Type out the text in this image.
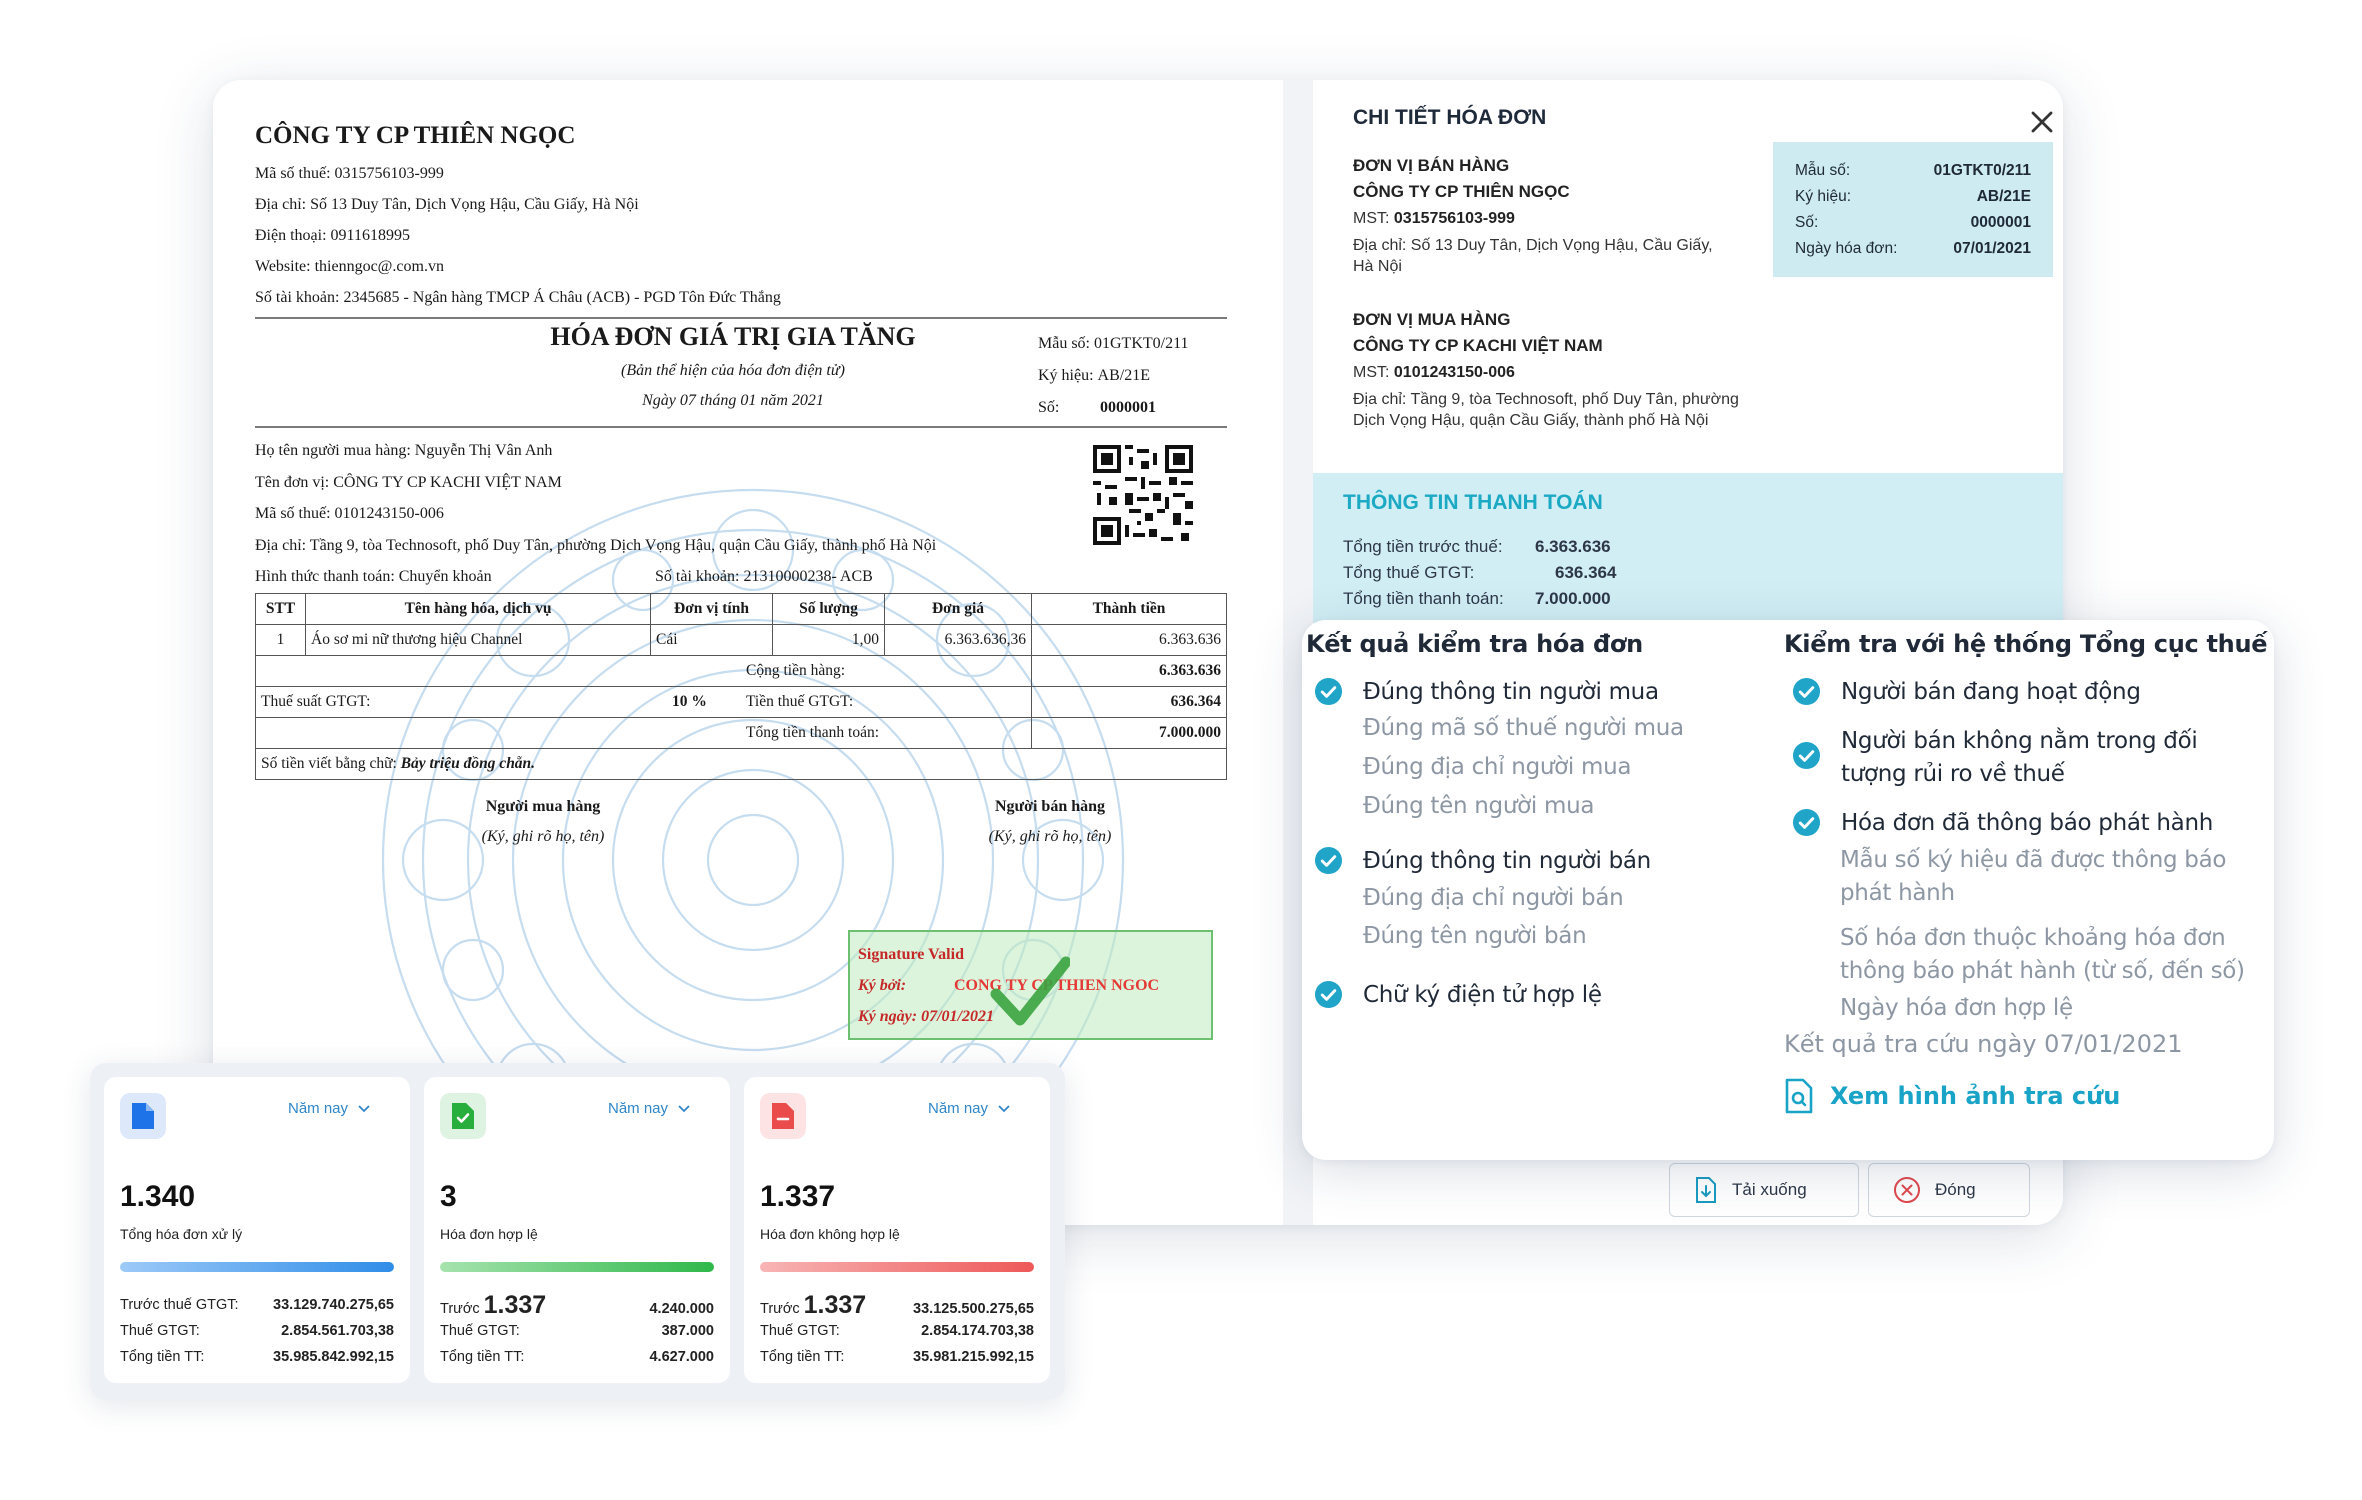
CÔNG TY CP THIÊN NGỌC
Mã số thuế: 0315756103-999
Địa chỉ: Số 13 Duy Tân, Dịch Vọng Hậu, Cầu Giấy, Hà Nội
Điện thoại: 0911618995
Website: thienngoc@.com.vn
Số tài khoản: 2345685 - Ngân hàng TMCP Á Châu (ACB) - PGD Tôn Đức Thắng
HÓA ĐƠN GIÁ TRỊ GIA TĂNG
(Bản thể hiện của hóa đơn điện tử)
Ngày 07 tháng 01 năm 2021
Mẫu số:
01GTKT0/211
Ký hiệu:
AB/21E
Số:	0000001
Họ tên người mua hàng: Nguyễn Thị Vân Anh
Tên đơn vị: CÔNG TY CP KACHI VIỆT NAM
Mã số thuế: 0101243150-006
Địa chỉ: Tầng 9, tòa Technosoft, phố Duy Tân, phường Dịch Vọng Hậu, quận Cầu Giấy, thành phố Hà Nội
Hình thức thanh toán: Chuyển khoản	Số tài khoản: 21310000238- ACB
STT	Tên hàng hóa, dịch vụ	Đơn vị tính	Số lượng	Đơn giá	Thành tiền
1	Áo sơ mi nữ thương hiệu Channel	Cái	1,00	6.363.636,36	6.363.636
Cộng tiền hàng:					6.363.636
Thuế suất GTGT: 10 % Tiền thuế GTGT:					636.364
Tổng tiền thanh toán:					7.000.000
Số tiền viết bằng chữ: Bảy triệu đồng chẵn.					
Người mua hàng
(Ký, ghi rõ họ, tên)
Người bán hàng
(Ký, ghi rõ họ, tên)
Signature Valid
Ký bởi:	CONG TY CP THIEN NGOC
Ký ngày: 07/01/2021
CHI TIẾT HÓA ĐƠN
ĐƠN VỊ BÁN HÀNG
CÔNG TY CP THIÊN NGỌC
MST: 0315756103-999
Địa chỉ: Số 13 Duy Tân, Dịch Vọng Hậu, Cầu Giấy, Hà Nội
Mẫu số:	01GTKT0/211
Ký hiệu:	AB/21E
Số:	0000001
Ngày hóa đơn:	07/01/2021
ĐƠN VỊ MUA HÀNG
CÔNG TY CP KACHI VIỆT NAM
MST: 0101243150-006
Địa chỉ: Tầng 9, tòa Technosoft, phố Duy Tân, phường Dịch Vọng Hậu, quận Cầu Giấy, thành phố Hà Nội
THÔNG TIN THANH TOÁN
Tổng tiền trước thuế: 6.363.636
Tổng thuế GTGT:	636.364
Tổng tiền thanh toán: 7.000.000
Tải xuống	Đóng
Kết quả kiểm tra hóa đơn	Kiểm tra với hệ thống Tổng cục thuế
Đúng thông tin người mua
Đúng mã số thuế người mua
Đúng địa chỉ người mua
Đúng tên người mua
Đúng thông tin người bán
Đúng địa chỉ người bán
Đúng tên người bán
Chữ ký điện tử hợp lệ
Người bán đang hoạt động
Người bán không nằm trong đối
tượng rủi ro về thuế
Hóa đơn đã thông báo phát hành
Mẫu số ký hiệu đã được thông báo
phát hành
Số hóa đơn thuộc khoảng hóa đơn
thông báo phát hành (từ số, đến số)
Ngày hóa đơn hợp lệ
Kết quả tra cứu ngày 07/01/2021
Xem hình ảnh tra cứu
Năm nay
1.340
Tổng hóa đơn xử lý
Trước thuế GTGT: 33.129.740.275,65
Thuế GTGT:	2.854.561.703,38
Tổng tiền TT:	35.985.842.992,15
Năm nay
3
Hóa đơn hợp lệ
Trước 1.337	4.240.000
Thuế GTGT:	387.000
Tổng tiền TT:	4.627.000
Năm nay
1.337
Hóa đơn không hợp lệ
Trước 1.337	33.125.500.275,65
Thuế GTGT:	2.854.174.703,38
Tổng tiền TT:	35.981.215.992,15
